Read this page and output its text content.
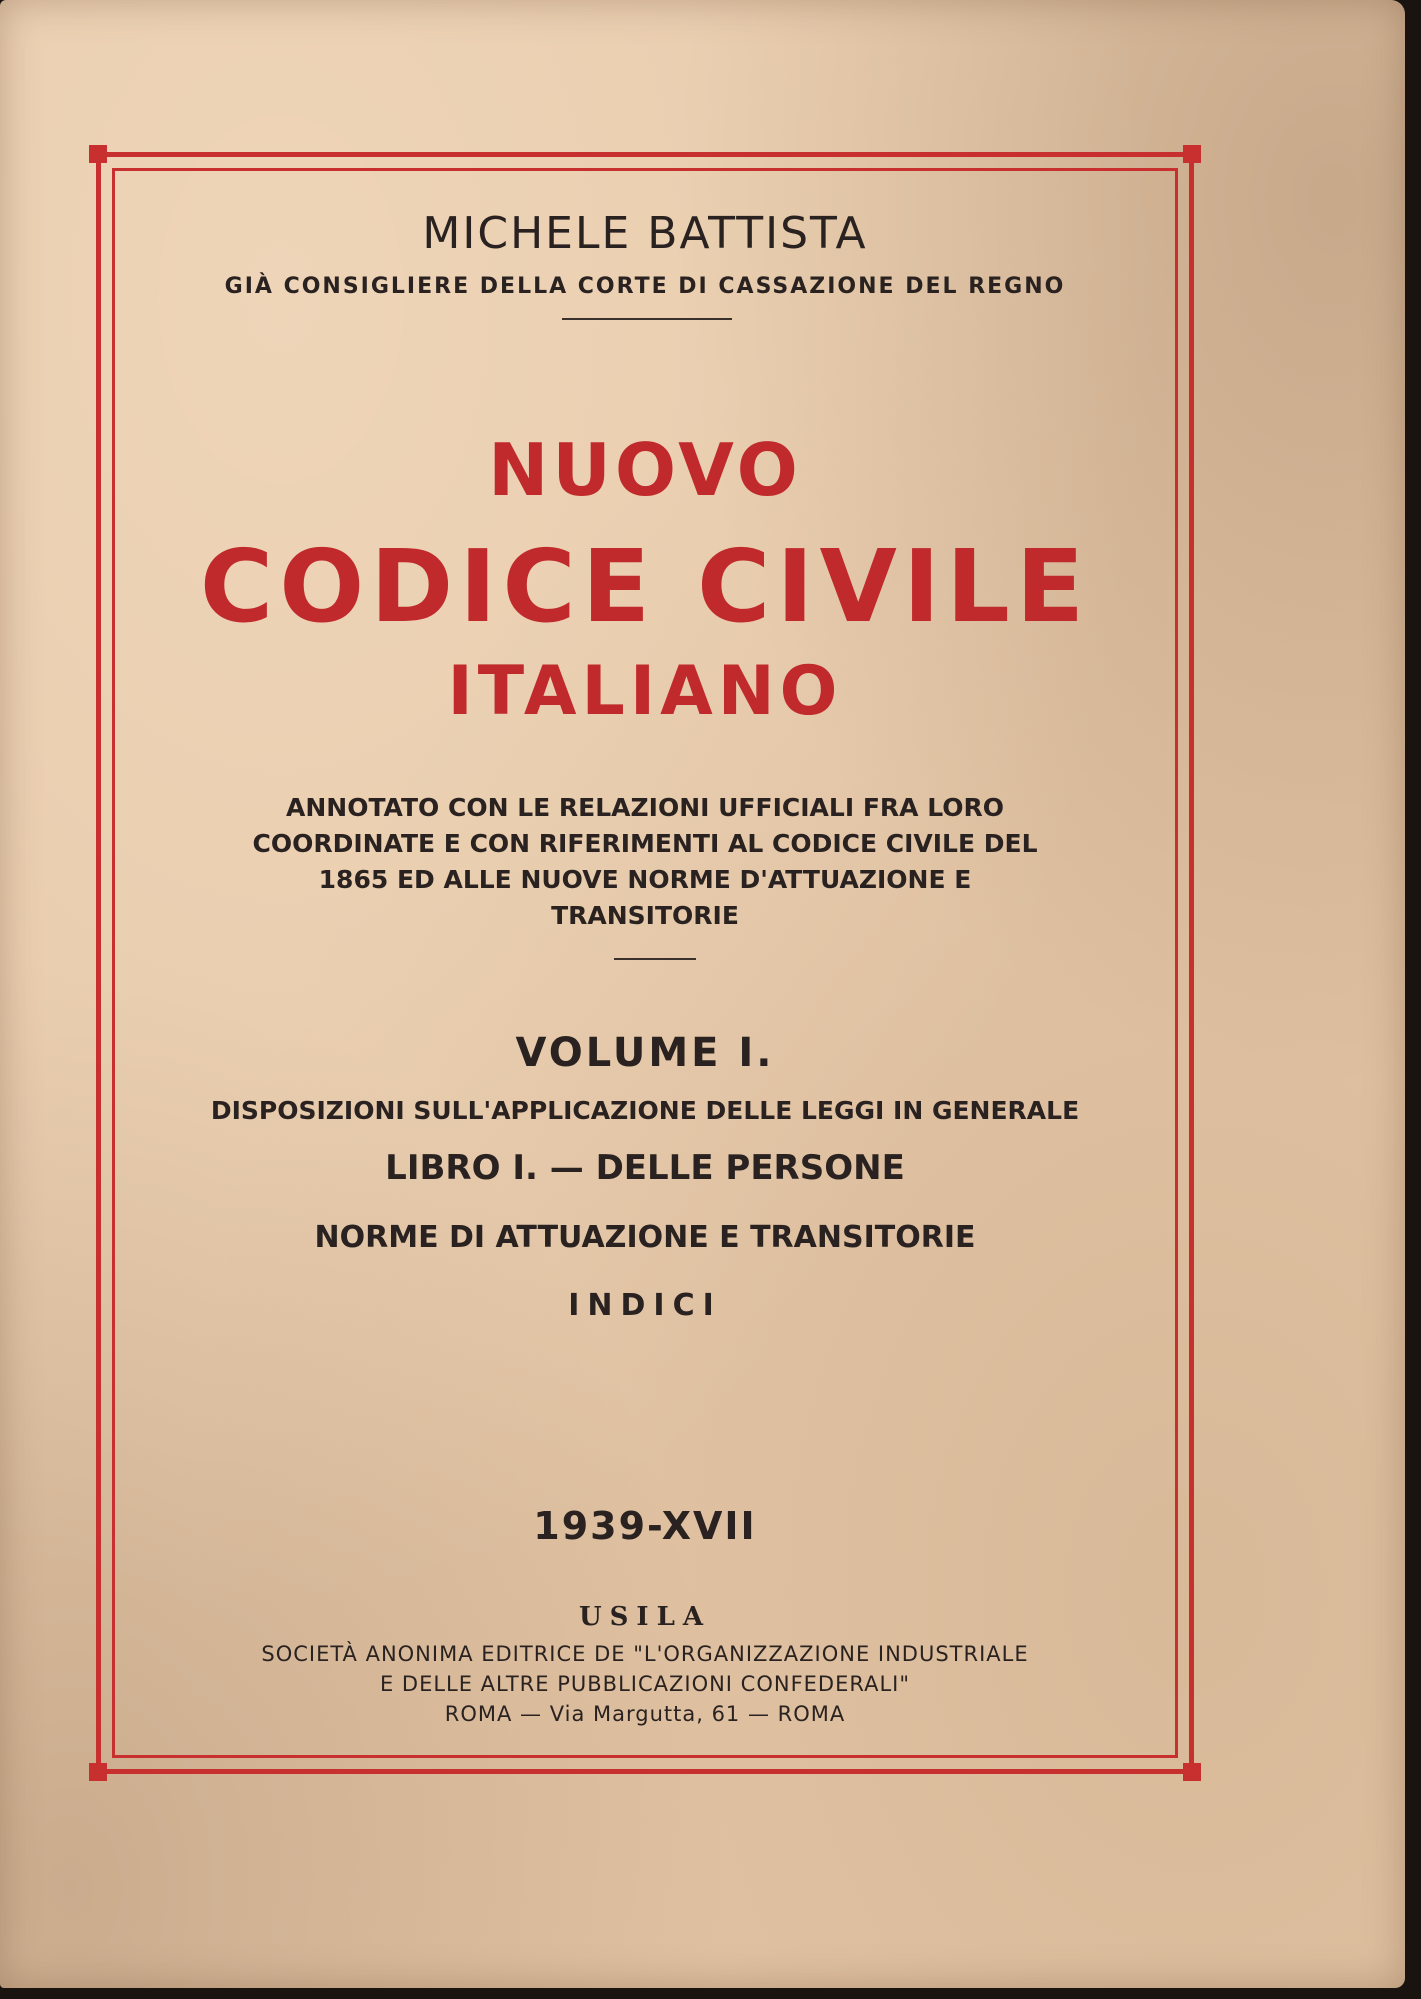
MICHELE BATTISTA
GIÀ CONSIGLIERE DELLA CORTE DI CASSAZIONE DEL REGNO
NUOVO
CODICE CIVILE
ITALIANO
ANNOTATO CON LE RELAZIONI UFFICIALI FRA LORO COORDINATE E CON RIFERIMENTI AL CODICE CIVILE DEL 1865 ED ALLE NUOVE NORME D'ATTUAZIONE E TRANSITORIE
VOLUME I.
DISPOSIZIONI SULL'APPLICAZIONE DELLE LEGGI IN GENERALE
LIBRO I. — DELLE PERSONE
NORME DI ATTUAZIONE E TRANSITORIE
INDICI
1939-XVII
USILA
SOCIETÀ ANONIMA EDITRICE DE "L'ORGANIZZAZIONE INDUSTRIALE
E DELLE ALTRE PUBBLICAZIONI CONFEDERALI"
ROMA — Via Margutta, 61 — ROMA
